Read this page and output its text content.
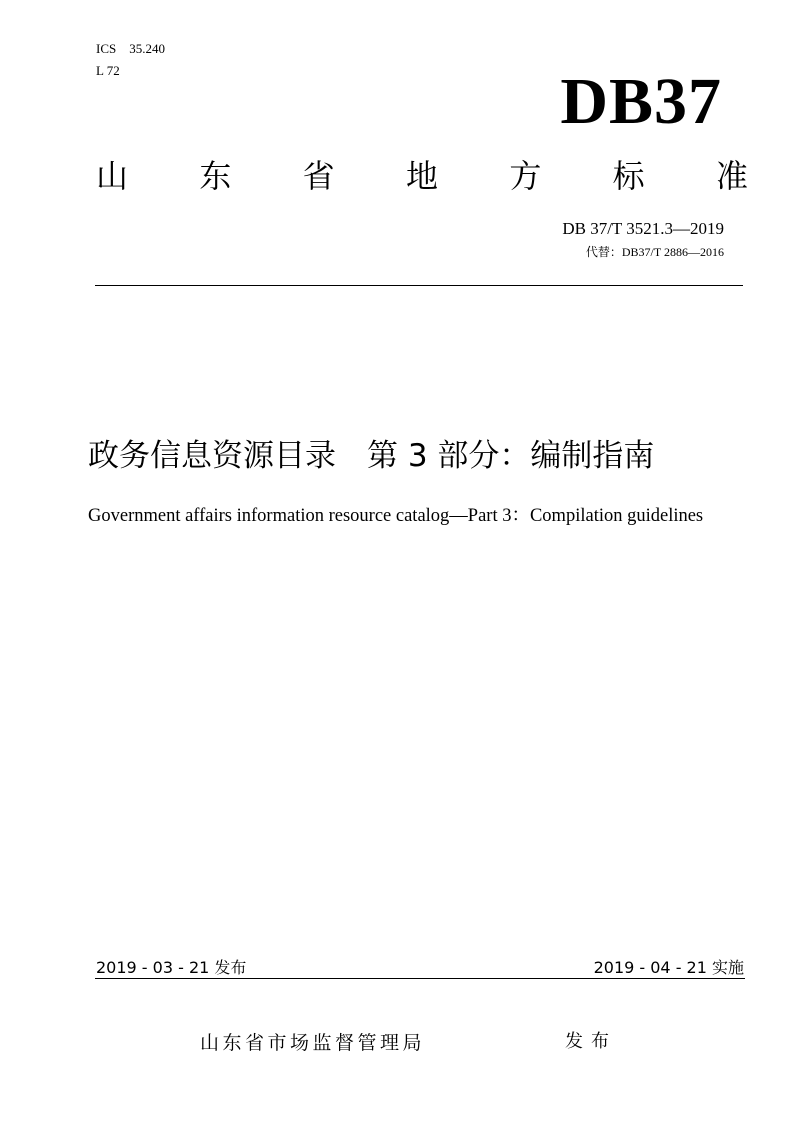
ICS　35.240
L 72	DB37
山 东 省 地 方 标 准
DB 37/T 3521.3—2019
代替：DB37/T 2886—2016
政务信息资源目录　第 3 部分：编制指南
Government affairs information resource catalog—Part 3：Compilation guidelines
2019 - 03 - 21 发布	2019 - 04 - 21 实施
山东省市场监督管理局	发布
